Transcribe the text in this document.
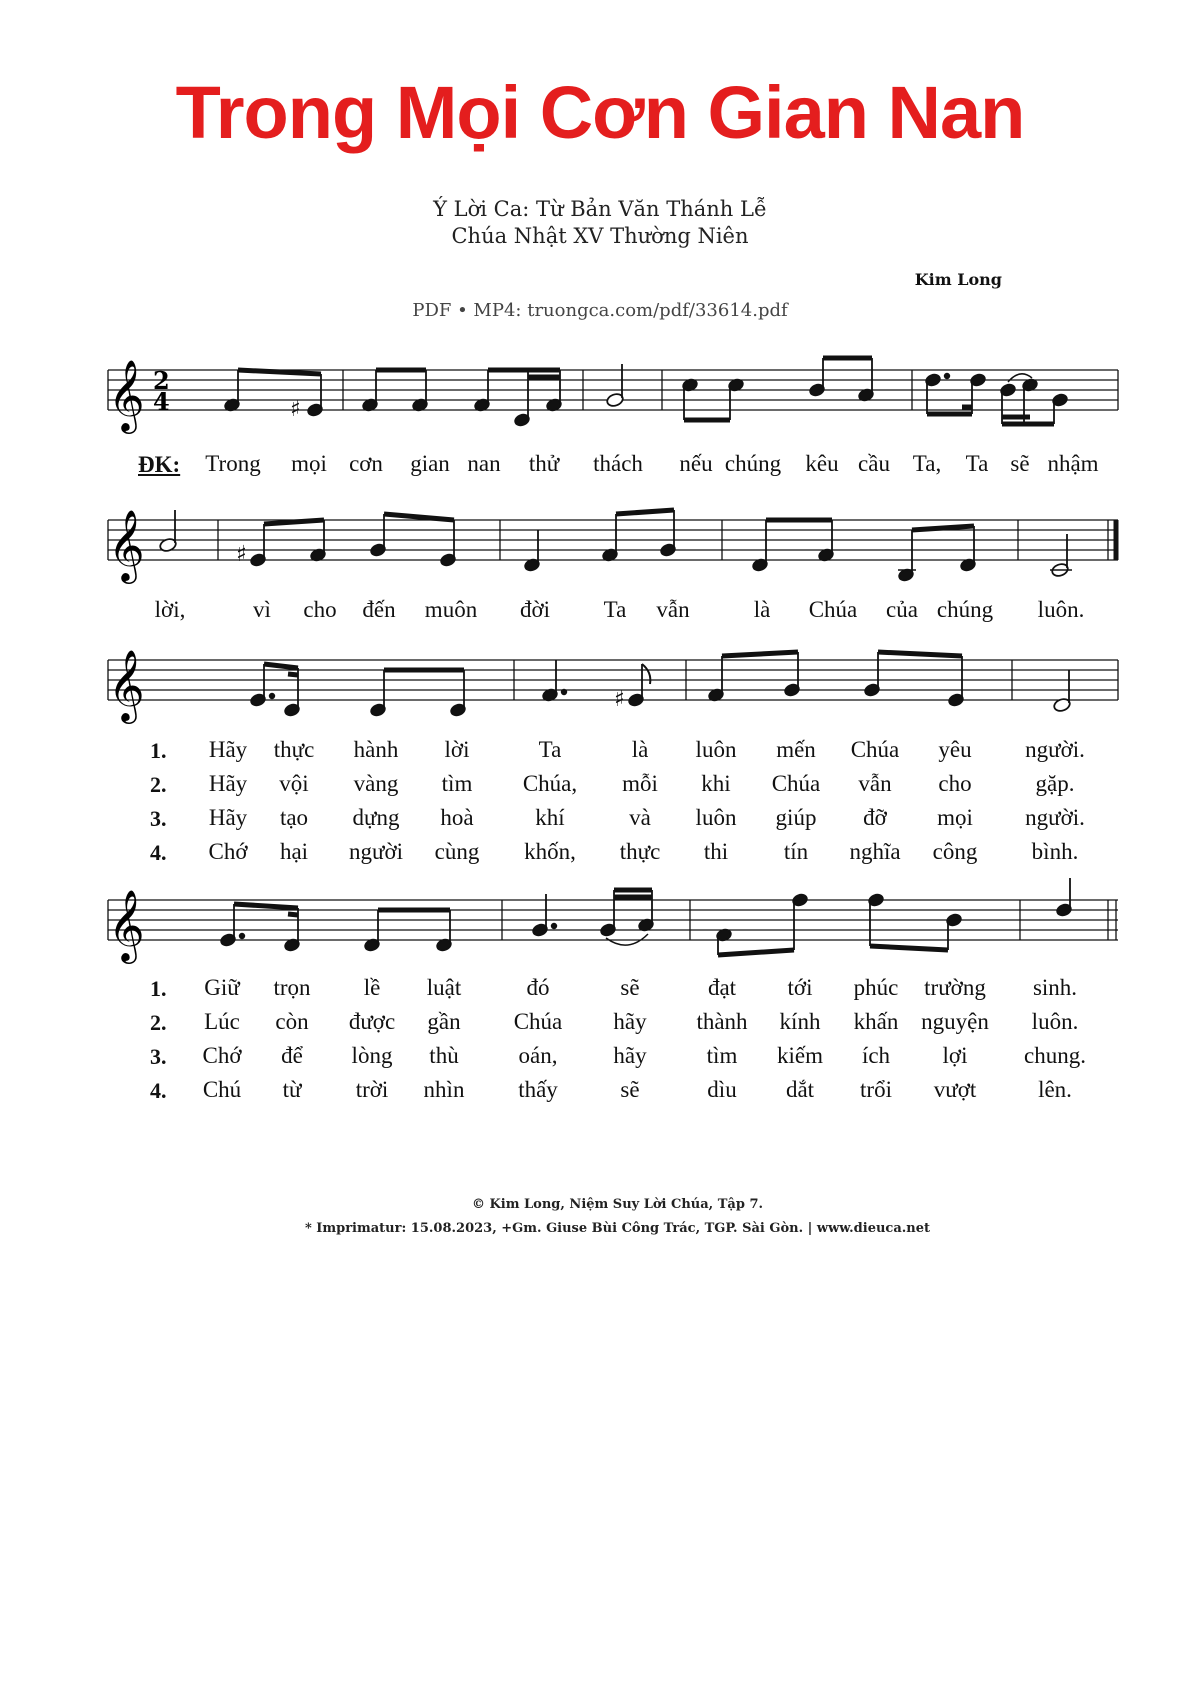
Trong Mọi Cơn Gian Nan
Ý Lời Ca: Từ Bản Văn Thánh Lễ
Chúa Nhật XV Thường Niên
Kim Long
PDF • MP4: truongca.com/pdf/33614.pdf
𝄞 2
4	♯
ĐK: Trong mọi cơn gian nan thử thách nếu chúng kêu cầu Ta, Ta sẽ nhậm
𝄞	♯
lời,	vì cho đến muôn đời Ta vẫn	là Chúa của chúng luôn.
𝄞	♯
1.
2.
3.
4.
Hãy thực hành lời	Ta	là luôn mến Chúa yêu người.
Hãy vội vàng tìm Chúa, mỗi khi Chúa vẫn cho	gặp.
Hãy tạo dựng hoà	khí	và luôn giúp đỡ mọi người.
Chớ hại người cùng khốn, thực thi tín nghĩa công bình.
𝄞
1.
2.
3.
4.
Giữ trọn lề luật	đó	sẽ	đạt tới phúc trường sinh.
Lúc còn được gần Chúa hãy thành kính khấn nguyện luôn.
Chớ để lòng thù	oán, hãy	tìm kiếm ích lợi chung.
Chú từ trời nhìn thấy	sẽ	dìu dắt trổi vượt	lên.
© Kim Long, Niệm Suy Lời Chúa, Tập 7.
* Imprimatur: 15.08.2023, +Gm. Giuse Bùi Công Trác, TGP. Sài Gòn. | www.dieuca.net
